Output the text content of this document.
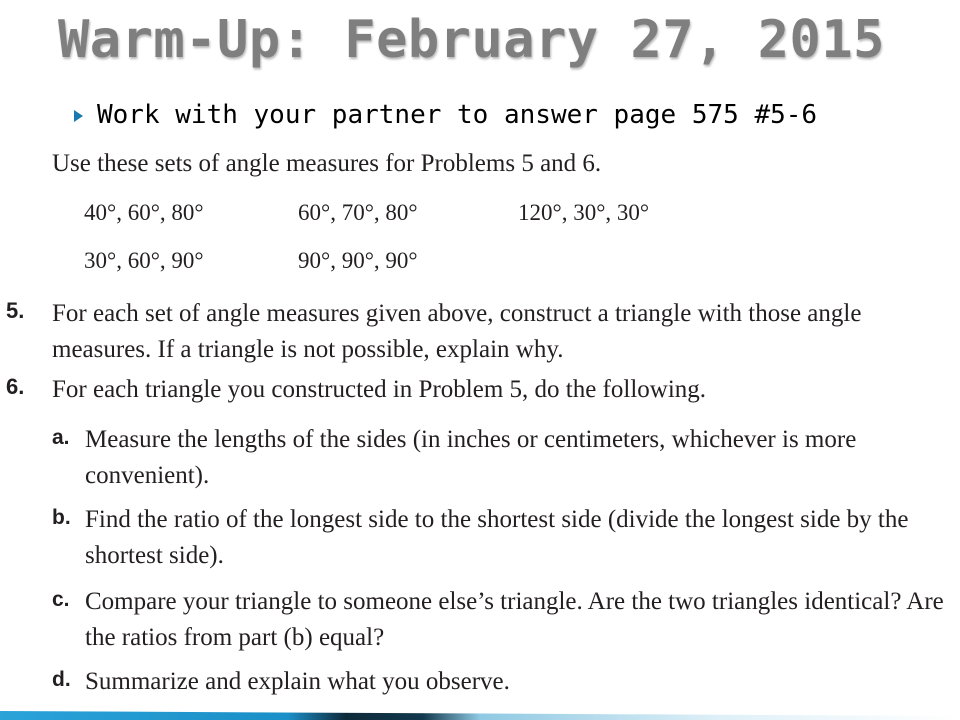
Warm-Up: February 27, 2015
Work with your partner to answer page 575 #5-6
Use these sets of angle measures for Problems 5 and 6.
40°, 60°, 80°	60°, 70°, 80°	120°, 30°, 30°
30°, 60°, 90°	90°, 90°, 90°
5. For each set of angle measures given above, construct a triangle with those angle measures. If a triangle is not possible, explain why.
6. For each triangle you constructed in Problem 5, do the following.
a. Measure the lengths of the sides (in inches or centimeters, whichever is more convenient).
b. Find the ratio of the longest side to the shortest side (divide the longest side by the shortest side).
c. Compare your triangle to someone else’s triangle. Are the two triangles identical? Are the ratios from part (b) equal?
d. Summarize and explain what you observe.
